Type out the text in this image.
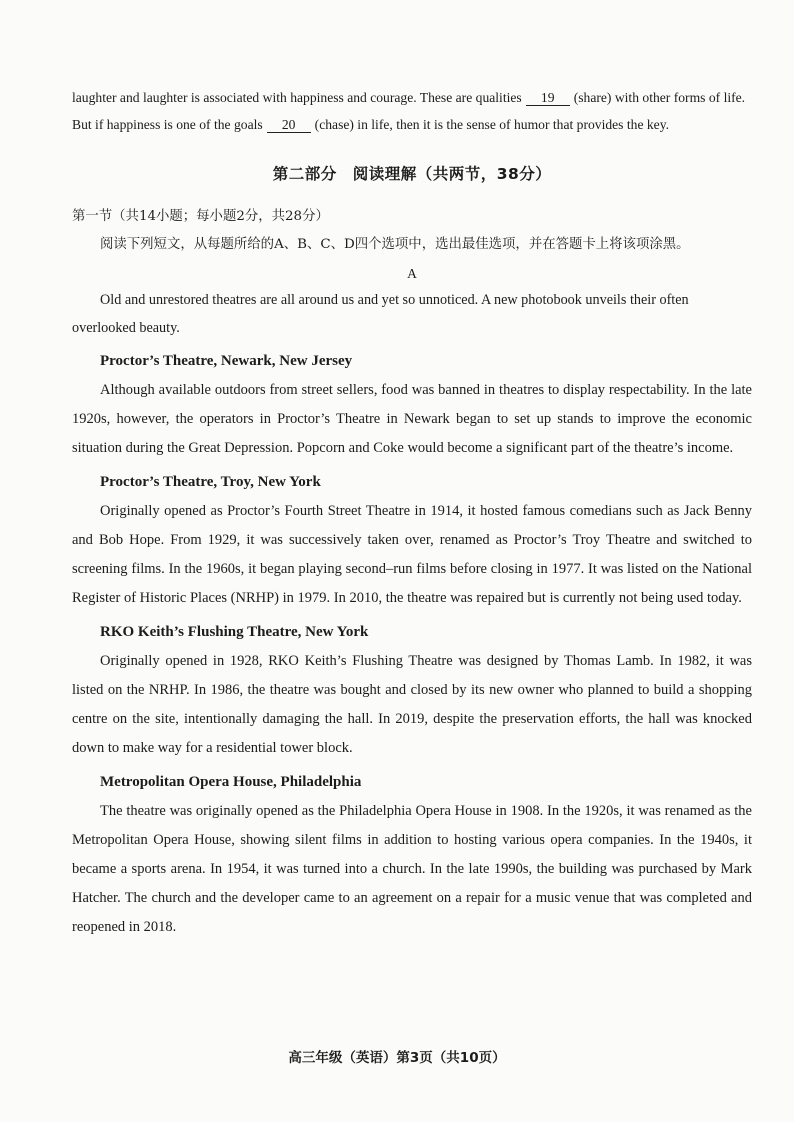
laughter and laughter is associated with happiness and courage. These are qualities 19 (share) with other forms of life. But if happiness is one of the goals 20 (chase) in life, then it is the sense of humor that provides the key.

第二部分　阅读理解（共两节，38分）

第一节（共14小题；每小题2分，共28分）

阅读下列短文，从每题所给的A、B、C、D四个选项中，选出最佳选项，并在答题卡上将该项涂黑。

A

Old and unrestored theatres are all around us and yet so unnoticed. A new photobook unveils their often overlooked beauty.

Proctor’s Theatre, Newark, New Jersey

Although available outdoors from street sellers, food was banned in theatres to display respectability. In the late 1920s, however, the operators in Proctor’s Theatre in Newark began to set up stands to improve the economic situation during the Great Depression. Popcorn and Coke would become a significant part of the theatre’s income.

Proctor’s Theatre, Troy, New York

Originally opened as Proctor’s Fourth Street Theatre in 1914, it hosted famous comedians such as Jack Benny and Bob Hope. From 1929, it was successively taken over, renamed as Proctor’s Troy Theatre and switched to screening films. In the 1960s, it began playing second–run films before closing in 1977. It was listed on the National Register of Historic Places (NRHP) in 1979. In 2010, the theatre was repaired but is currently not being used today.

RKO Keith’s Flushing Theatre, New York

Originally opened in 1928, RKO Keith’s Flushing Theatre was designed by Thomas Lamb. In 1982, it was listed on the NRHP. In 1986, the theatre was bought and closed by its new owner who planned to build a shopping centre on the site, intentionally damaging the hall. In 2019, despite the preservation efforts, the hall was knocked down to make way for a residential tower block.

Metropolitan Opera House, Philadelphia

The theatre was originally opened as the Philadelphia Opera House in 1908. In the 1920s, it was renamed as the Metropolitan Opera House, showing silent films in addition to hosting various opera companies. In the 1940s, it became a sports arena. In 1954, it was turned into a church. In the late 1990s, the building was purchased by Mark Hatcher. The church and the developer came to an agreement on a repair for a music venue that was completed and reopened in 2018.

高三年级（英语）第3页（共10页）
